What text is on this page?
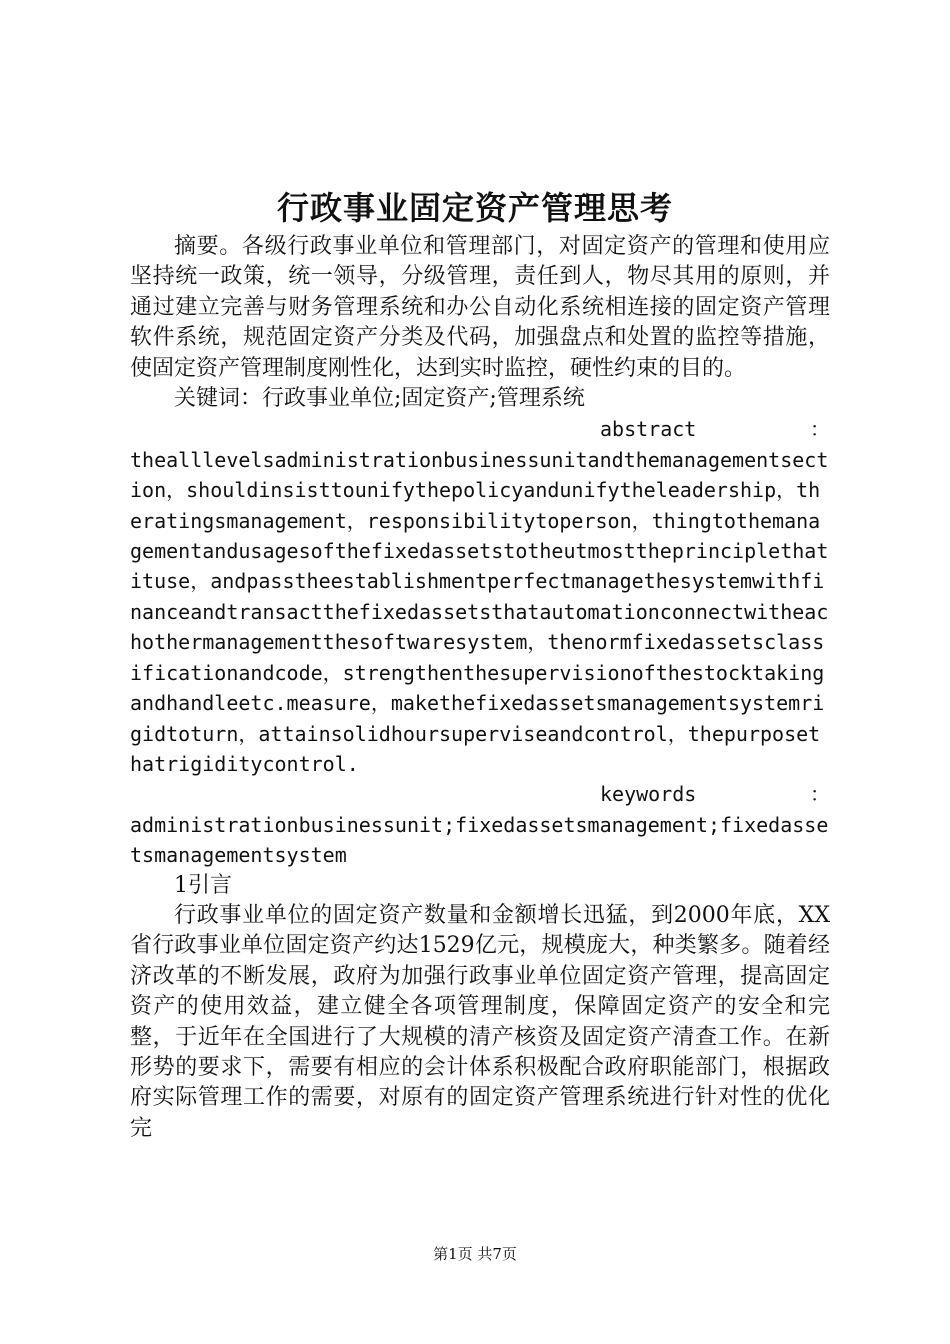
行政事业固定资产管理思考

摘要。各级行政事业单位和管理部门，对固定资产的管理和使用应坚持统一政策，统一领导，分级管理，责任到人，物尽其用的原则，并通过建立完善与财务管理系统和办公自动化系统相连接的固定资产管理软件系统，规范固定资产分类及代码，加强盘点和处置的监控等措施，使固定资产管理制度刚性化，达到实时监控，硬性约束的目的。

关键词：行政事业单位;固定资产;管理系统

abstract	：

thealllevelsadministrationbusinessunitandthemanagementsection，shouldinsisttounifythepolicyandunifytheleadership，theratingsmanagement，responsibilitytoperson，thingtothemanagementandusagesofthefixedassetstotheutmosttheprinciplethatituse，andpasstheestablishmentperfectmanagethesystemwithfinanceandtransactthefixedassetsthatautomationconnectwitheachothermanagementthesoftwaresystem，thenormfixedassetsclassificationandcode，strengthenthesupervisionofthestocktakingandhandleetc.measure，makethefixedassetsmanagementsystemrigidtoturn，attainsolidhoursuperviseandcontrol，thepurposethatrigiditycontrol.

keywords	：

administrationbusinessunit;fixedassetsmanagement;fixedassetsmanagementsystem

1引言

行政事业单位的固定资产数量和金额增长迅猛，到2000年底，XX省行政事业单位固定资产约达1529亿元，规模庞大，种类繁多。随着经济改革的不断发展，政府为加强行政事业单位固定资产管理，提高固定资产的使用效益，建立健全各项管理制度，保障固定资产的安全和完整，于近年在全国进行了大规模的清产核资及固定资产清查工作。在新形势的要求下，需要有相应的会计体系积极配合政府职能部门，根据政府实际管理工作的需要，对原有的固定资产管理系统进行针对性的优化完

第1页 共7页
